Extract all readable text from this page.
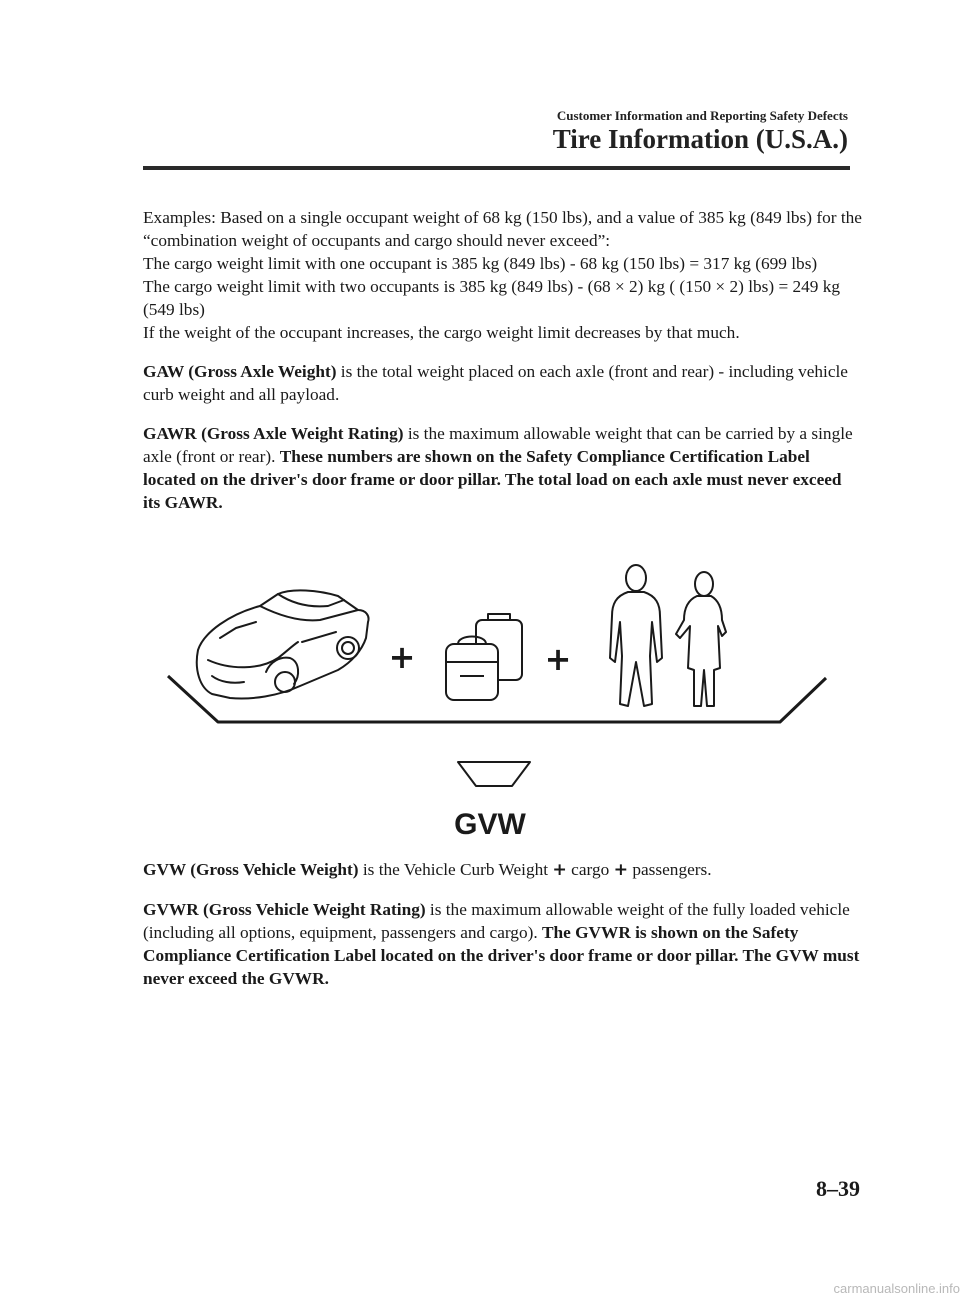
Customer Information and Reporting Safety Defects
Tire Information (U.S.A.)

Examples: Based on a single occupant weight of 68 kg (150 lbs), and a value of 385 kg (849 lbs) for the “combination weight of occupants and cargo should never exceed”:

The cargo weight limit with one occupant is 385 kg (849 lbs) - 68 kg (150 lbs) = 317 kg (699 lbs)

The cargo weight limit with two occupants is 385 kg (849 lbs) - (68 × 2) kg ( (150 × 2) lbs) = 249 kg (549 lbs)

If the weight of the occupant increases, the cargo weight limit decreases by that much.

GAW (Gross Axle Weight) is the total weight placed on each axle (front and rear) - including vehicle curb weight and all payload.

GAWR (Gross Axle Weight Rating) is the maximum allowable weight that can be carried by a single axle (front or rear). These numbers are shown on the Safety Compliance Certification Label located on the driver's door frame or door pillar. The total load on each axle must never exceed its GAWR.

+	+
GVW

GVW (Gross Vehicle Weight) is the Vehicle Curb Weight + cargo + passengers.

GVWR (Gross Vehicle Weight Rating) is the maximum allowable weight of the fully loaded vehicle (including all options, equipment, passengers and cargo). The GVWR is shown on the Safety Compliance Certification Label located on the driver's door frame or door pillar. The GVW must never exceed the GVWR.

8–39
carmanualsonline.info
